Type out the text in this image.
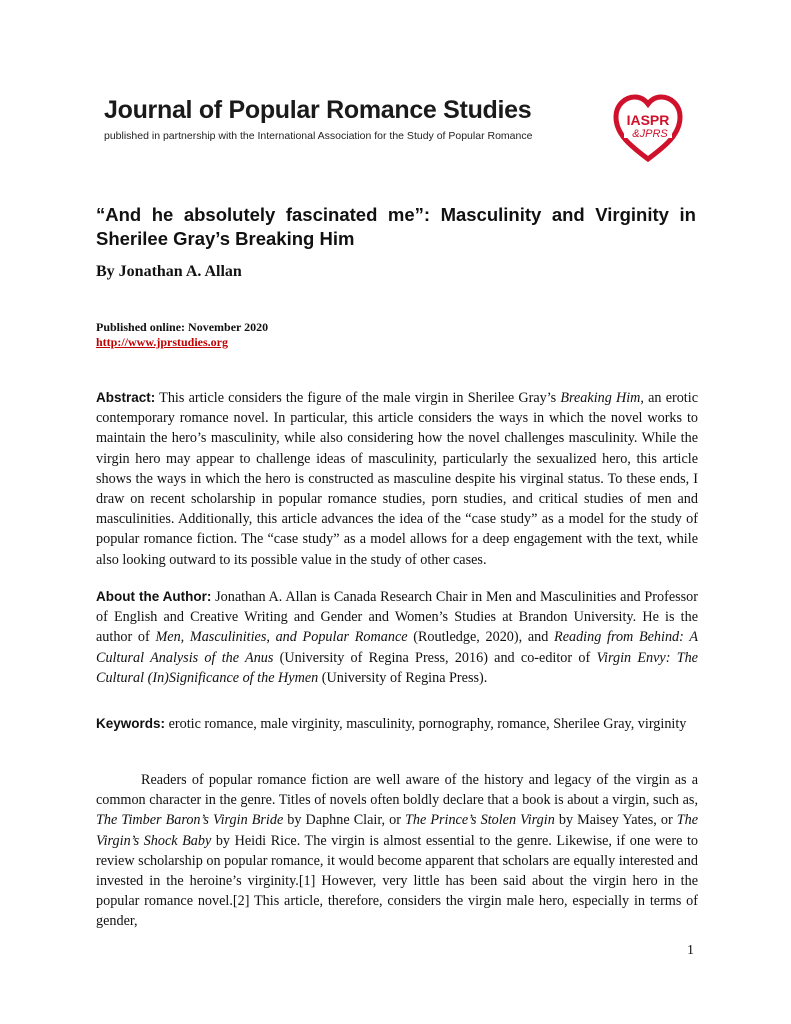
Journal of Popular Romance Studies
published in partnership with the International Association for the Study of Popular Romance
IASPR
&JPRS
“And he absolutely fascinated me”: Masculinity and Virginity in
Sherilee Gray’s Breaking Him
By Jonathan A. Allan
Published online: November 2020
http://www.jprstudies.org
Abstract: This article considers the figure of the male virgin in Sherilee Gray’s Breaking Him, an erotic contemporary romance novel. In particular, this article considers the ways in which the novel works to maintain the hero’s masculinity, while also considering how the novel challenges masculinity. While the virgin hero may appear to challenge ideas of masculinity, particularly the sexualized hero, this article shows the ways in which the hero is constructed as masculine despite his virginal status. To these ends, I draw on recent scholarship in popular romance studies, porn studies, and critical studies of men and masculinities. Additionally, this article advances the idea of the “case study” as a model for the study of popular romance fiction. The “case study” as a model allows for a deep engagement with the text, while also looking outward to its possible value in the study of other cases.
About the Author: Jonathan A. Allan is Canada Research Chair in Men and Masculinities and Professor of English and Creative Writing and Gender and Women’s Studies at Brandon University. He is the author of Men, Masculinities, and Popular Romance (Routledge, 2020), and Reading from Behind: A Cultural Analysis of the Anus (University of Regina Press, 2016) and co-editor of Virgin Envy: The Cultural (In)Significance of the Hymen (University of Regina Press).
Keywords: erotic romance, male virginity, masculinity, pornography, romance, Sherilee Gray, virginity
Readers of popular romance fiction are well aware of the history and legacy of the virgin as a common character in the genre. Titles of novels often boldly declare that a book is about a virgin, such as, The Timber Baron’s Virgin Bride by Daphne Clair, or The Prince’s Stolen Virgin by Maisey Yates, or The Virgin’s Shock Baby by Heidi Rice. The virgin is almost essential to the genre. Likewise, if one were to review scholarship on popular romance, it would become apparent that scholars are equally interested and invested in the heroine’s virginity.[1] However, very little has been said about the virgin hero in the popular romance novel.[2] This article, therefore, considers the virgin male hero, especially in terms of gender,
1
